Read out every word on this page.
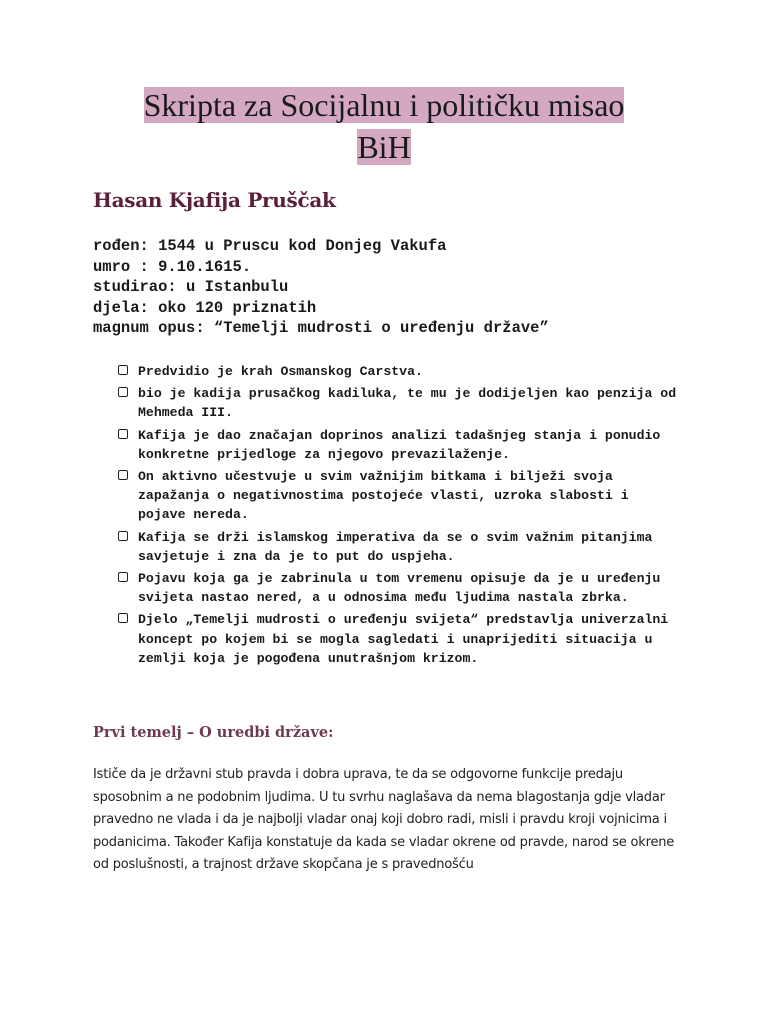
Skripta za Socijalnu i političku misao
BiH
Hasan Kjafija Pruščak
rođen: 1544 u Pruscu kod Donjeg Vakufa
umro : 9.10.1615.
studirao: u Istanbulu
djela: oko 120 priznatih
magnum opus: “Temelji mudrosti o uređenju države”
Predvidio je krah Osmanskog Carstva.
bio je kadija prusačkog kadiluka, te mu je dodijeljen kao penzija od Mehmeda III.
Kafija je dao značajan doprinos analizi tadašnjeg stanja i ponudio konkretne prijedloge za njegovo prevazilaženje.
On aktivno učestvuje u svim važnijim bitkama i bilježi svoja zapažanja o negativnostima postojeće vlasti, uzroka slabosti i pojave nereda.
Kafija se drži islamskog imperativa da se o svim važnim pitanjima savjetuje i zna da je to put do uspjeha.
Pojavu koja ga je zabrinula u tom vremenu opisuje da je u uređenju svijeta nastao nered, a u odnosima među ljudima nastala zbrka.
Djelo „Temelji mudrosti o uređenju svijeta“ predstavlja univerzalni koncept po kojem bi se mogla sagledati i unaprijediti situacija u zemlji koja je pogođena unutrašnjom krizom.
Prvi temelj – O uredbi države:
Ističe da je državni stub pravda i dobra uprava, te da se odgovorne funkcije predaju sposobnim a ne podobnim ljudima. U tu svrhu naglašava da nema blagostanja gdje vladar pravedno ne vlada i da je najbolji vladar onaj koji dobro radi, misli i pravdu kroji vojnicima i podanicima. Također Kafija konstatuje da kada se vladar okrene od pravde, narod se okrene od poslušnosti, a trajnost države skopčana je s pravednošću
